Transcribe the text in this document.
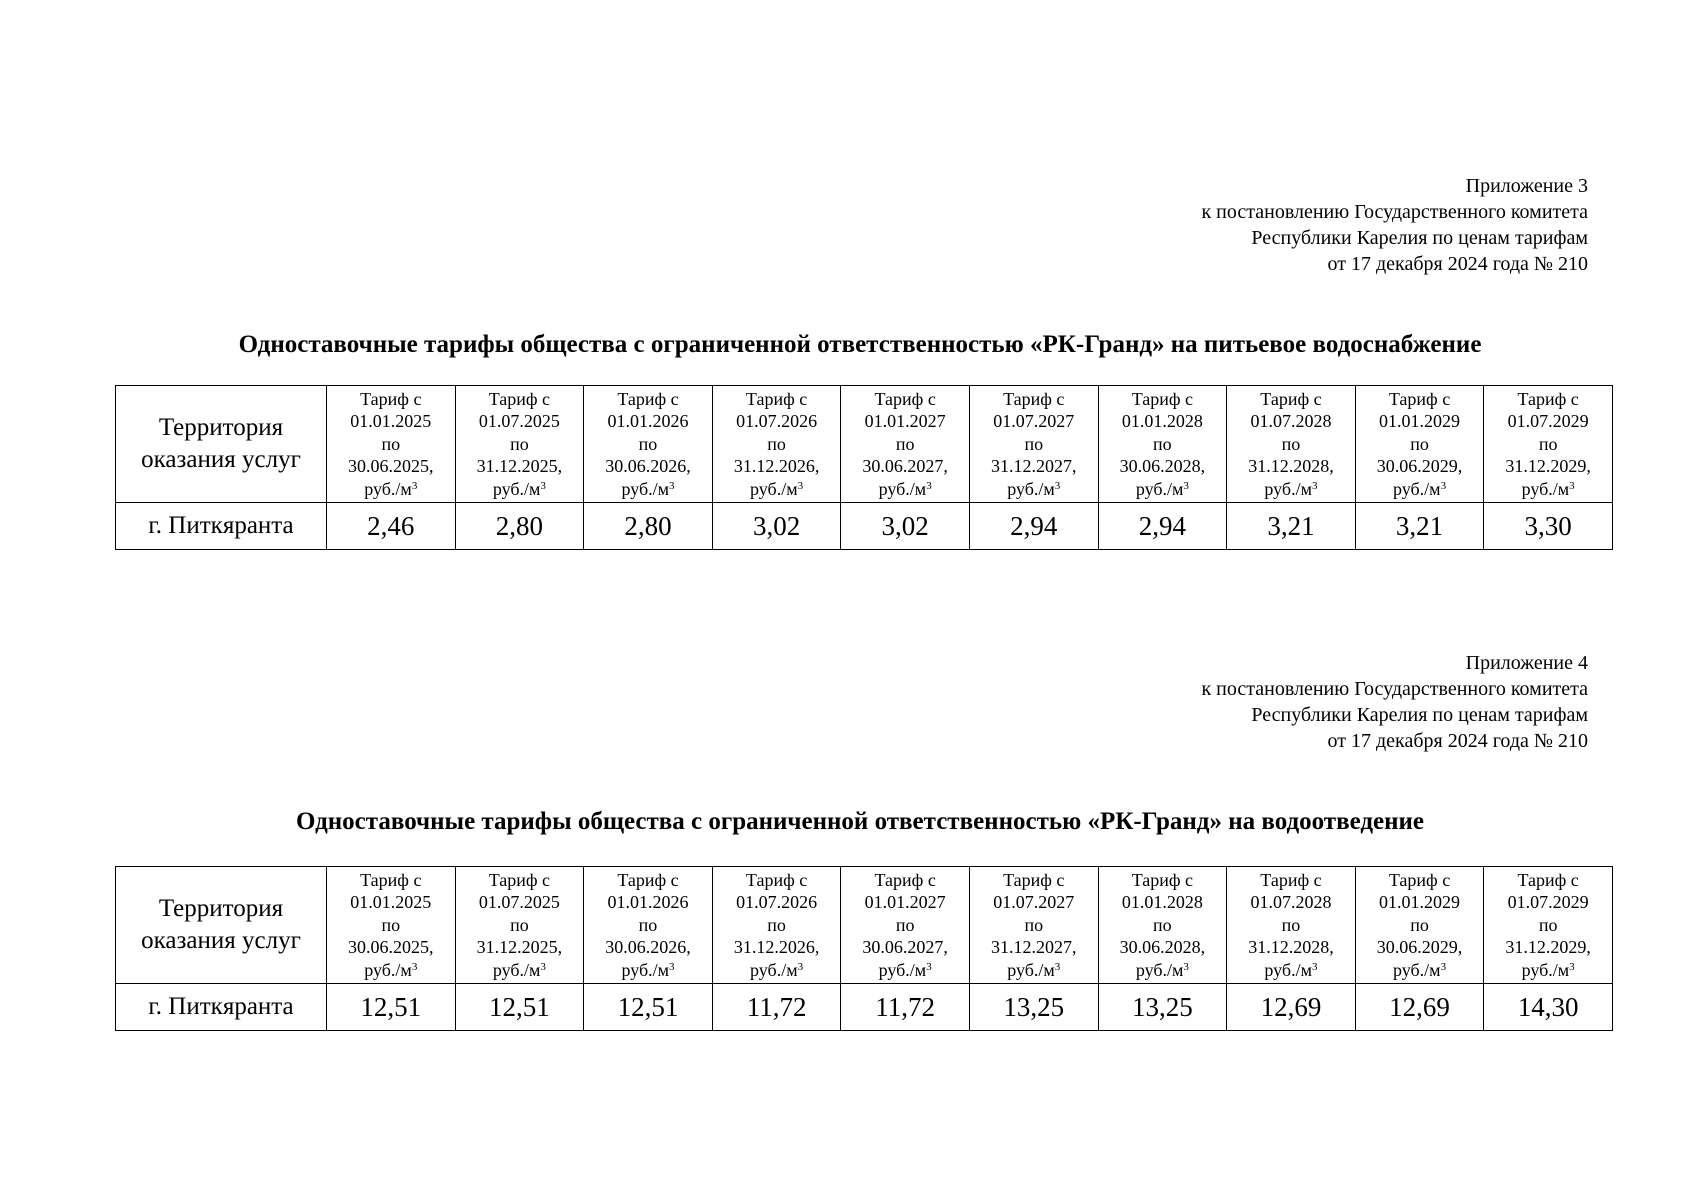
Приложение 3
к постановлению Государственного комитета
Республики Карелия по ценам тарифам
от 17 декабря 2024 года № 210
Одноставочные тарифы общества с ограниченной ответственностью «РК-Гранд» на питьевое водоснабжение
Территория
оказания услуг	Тариф с
01.01.2025
по
30.06.2025,
$руб./м^3$	Тариф с
01.07.2025
по
31.12.2025,
$руб./м^3$	Тариф с
01.01.2026
по
30.06.2026,
$руб./м^3$	Тариф с
01.07.2026
по
31.12.2026,
$руб./м^3$	Тариф с
01.01.2027
по
30.06.2027,
$руб./м^3$	Тариф с
01.07.2027
по
31.12.2027,
$руб./м^3$	Тариф с
01.01.2028
по
30.06.2028,
$руб./м^3$	Тариф с
01.07.2028
по
31.12.2028,
$руб./м^3$	Тариф с
01.01.2029
по
30.06.2029,
$руб./м^3$	Тариф с
01.07.2029
по
31.12.2029,
$руб./м^3$

г. Питкяранта	2,46	2,80	2,80	3,02	3,02	2,94	2,94	3,21	3,21	3,30
Приложение 4
к постановлению Государственного комитета
Республики Карелия по ценам тарифам
от 17 декабря 2024 года № 210
Одноставочные тарифы общества с ограниченной ответственностью «РК-Гранд» на водоотведение
Территория
оказания услуг	Тариф с
01.01.2025
по
30.06.2025,
$руб./м^3$	Тариф с
01.07.2025
по
31.12.2025,
$руб./м^3$	Тариф с
01.01.2026
по
30.06.2026,
$руб./м^3$	Тариф с
01.07.2026
по
31.12.2026,
$руб./м^3$	Тариф с
01.01.2027
по
30.06.2027,
$руб./м^3$	Тариф с
01.07.2027
по
31.12.2027,
$руб./м^3$	Тариф с
01.01.2028
по
30.06.2028,
$руб./м^3$	Тариф с
01.07.2028
по
31.12.2028,
$руб./м^3$	Тариф с
01.01.2029
по
30.06.2029,
$руб./м^3$	Тариф с
01.07.2029
по
31.12.2029,
$руб./м^3$

г. Питкяранта	12,51	12,51	12,51	11,72	11,72	13,25	13,25	12,69	12,69	14,30
